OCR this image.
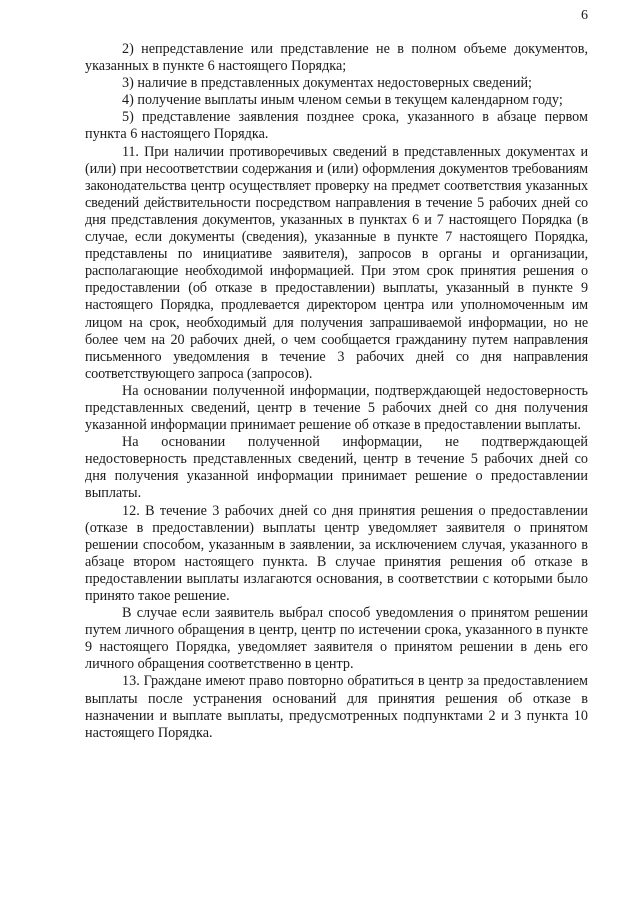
6

2) непредставление или представление не в полном объеме документов, указанных в пункте 6 настоящего Порядка;

3) наличие в представленных документах недостоверных сведений;

4) получение выплаты иным членом семьи в текущем календарном году;

5) представление заявления позднее срока, указанного в абзаце первом пункта 6 настоящего Порядка.

11. При наличии противоречивых сведений в представленных документах и (или) при несоответствии содержания и (или) оформления документов требованиям законодательства центр осуществляет проверку на предмет соответствия указанных сведений действительности посредством направления в течение 5 рабочих дней со дня представления документов, указанных в пунктах 6 и 7 настоящего Порядка (в случае, если документы (сведения), указанные в пункте 7 настоящего Порядка, представлены по инициативе заявителя), запросов в органы и организации, располагающие необходимой информацией. При этом срок принятия решения о предоставлении (об отказе в предоставлении) выплаты, указанный в пункте 9 настоящего Порядка, продлевается директором центра или уполномоченным им лицом на срок, необходимый для получения запрашиваемой информации, но не более чем на 20 рабочих дней, о чем сообщается гражданину путем направления письменного уведомления в течение 3 рабочих дней со дня направления соответствующего запроса (запросов).

На основании полученной информации, подтверждающей недостоверность представленных сведений, центр в течение 5 рабочих дней со дня получения указанной информации принимает решение об отказе в предоставлении выплаты.

На основании полученной информации, не подтверждающей недостоверность представленных сведений, центр в течение 5 рабочих дней со дня получения указанной информации принимает решение о предоставлении выплаты.

12. В течение 3 рабочих дней со дня принятия решения о предоставлении (отказе в предоставлении) выплаты центр уведомляет заявителя о принятом решении способом, указанным в заявлении, за исключением случая, указанного в абзаце втором настоящего пункта. В случае принятия решения об отказе в предоставлении выплаты излагаются основания, в соответствии с которыми было принято такое решение.

В случае если заявитель выбрал способ уведомления о принятом решении путем личного обращения в центр, центр по истечении срока, указанного в пункте 9 настоящего Порядка, уведомляет заявителя о принятом решении в день его личного обращения соответственно в центр.

13. Граждане имеют право повторно обратиться в центр за предоставлением выплаты после устранения оснований для принятия решения об отказе в назначении и выплате выплаты, предусмотренных подпунктами 2 и 3 пункта 10 настоящего Порядка.
